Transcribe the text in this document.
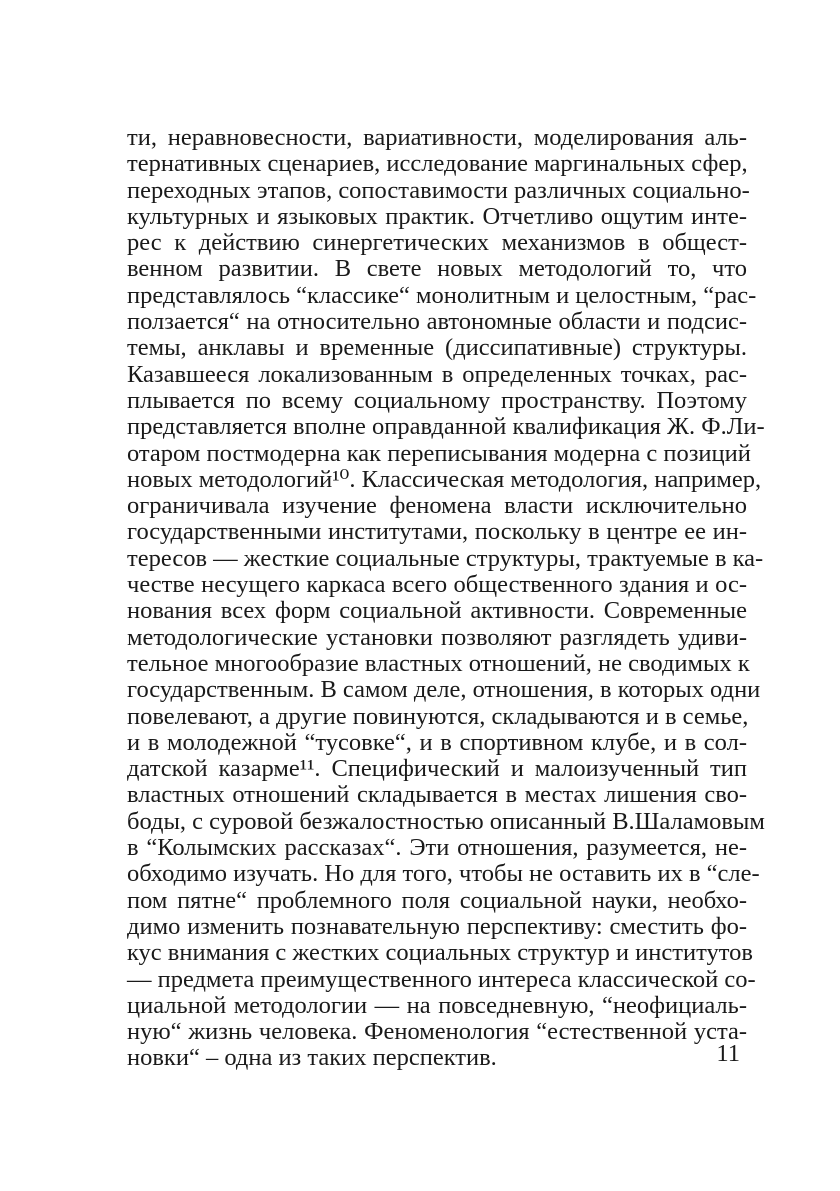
ти, неравновесности, вариативности, моделирования аль-
тернативных сценариев, исследование маргинальных сфер,
переходных этапов, сопоставимости различных социально-
культурных и языковых практик. Отчетливо ощутим инте-
рес к действию синергетических механизмов в общест-
венном развитии. В свете новых методологий то, что
представлялось “классике“ монолитным и целостным, “рас-
ползается“ на относительно автономные области и подсис-
темы, анклавы и временные (диссипативные) структуры.
Казавшееся локализованным в определенных точках, рас-
плывается по всему социальному пространству. Поэтому
представляется вполне оправданной квалификация Ж. Ф.Ли-
отаром постмодерна как переписывания модерна с позиций
новых методологий¹⁰. Классическая методология, например,
ограничивала изучение феномена власти исключительно
государственными институтами, поскольку в центре ее ин-
тересов — жесткие социальные структуры, трактуемые в ка-
честве несущего каркаса всего общественного здания и ос-
нования всех форм социальной активности. Современные
методологические установки позволяют разглядеть удиви-
тельное многообразие властных отношений, не сводимых к
государственным. В самом деле, отношения, в которых одни
повелевают, а другие повинуются, складываются и в семье,
и в молодежной “тусовке“, и в спортивном клубе, и в сол-
датской казарме¹¹. Специфический и малоизученный тип
властных отношений складывается в местах лишения сво-
боды, с суровой безжалостностью описанный В.Шаламовым
в “Колымских рассказах“. Эти отношения, разумеется, не-
обходимо изучать. Но для того, чтобы не оставить их в “сле-
пом пятне“ проблемного поля социальной науки, необхо-
димо изменить познавательную перспективу: сместить фо-
кус внимания с жестких социальных структур и институтов
— предмета преимущественного интереса классической со-
циальной методологии — на повседневную, “неофициаль-
ную“ жизнь человека. Феноменология “естественной уста-
новки“ – одна из таких перспектив.	11
